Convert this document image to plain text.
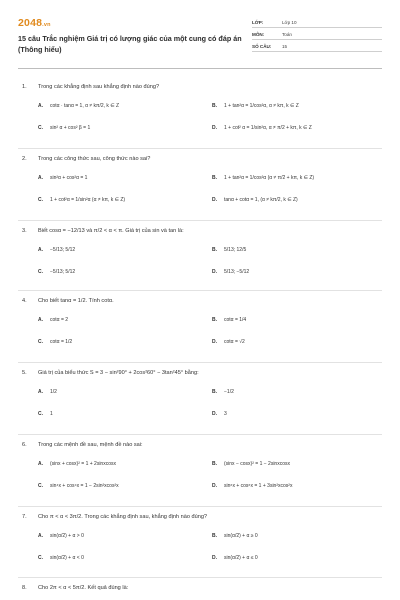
2048.vn
15 câu Trắc nghiệm Giá trị có lượng giác của một cung có đáp án (Thông hiểu)
LỚP:	Lớp 10
MÔN:	Toán
SỐ CÂU:	15
1. Trong các khẳng định sau khẳng định nào đúng?
A. cotα · tanα = 1, α ≠ kπ/2, k ∈ Z	B. 1 + tan²α = 1/cos²α, α ≠ kπ, k ∈ Z
C. sin² α + cos² β = 1	D. 1 + cot² α = 1/sin²α, α ≠ π/2 + kπ, k ∈ Z
2. Trong các công thức sau, công thức nào sai?
A. sin²α + cos²α = 1	B. 1 + tan²α = 1/cos²α (α ≠ π/2 + kπ, k ∈ Z)
C. 1 + cot²α = 1/sin²α (α ≠ kπ, k ∈ Z)	D. tanα + cotα = 1, (α ≠ kπ/2, k ∈ Z)
3. Biết cosα = −12/13 và π/2 < α < π. Giá trị của sin và tan là:
A. −5/13; 5/12	B. 5/13; 12/5
C. −5/13; 5/12	D. 5/13; −5/12
4. Cho biết tanα = 1/2. Tính cotα.
A. cotα = 2	B. cotα = 1/4
C. cotα = 1/2	D. cotα = √2
5. Giá trị của biểu thức S = 3 − sin²90° + 2cos²60° − 3tan²45° bằng:
A. 1/2	B. −1/2
C. 1	D. 3
6. Trong các mệnh đề sau, mệnh đề nào sai:
A. (sinx + cosx)² = 1 + 2sinxcosx	B. (sinx − cosx)² = 1 − 2sinxcosx
C. sin⁴x + cos⁴x = 1 − 2sin²xcos²x	D. sin⁶x + cos⁶x = 1 + 3sin²xcos²x
7. Cho π < α < 3π/2. Trong các khẳng định sau, khẳng định nào đúng?
A. sin(α/2) + α > 0	B. sin(α/2) + α ≥ 0
C. sin(α/2) + α < 0	D. sin(α/2) + α ≤ 0
8. Cho 2π < α < 5π/2. Kết quả đúng là:
